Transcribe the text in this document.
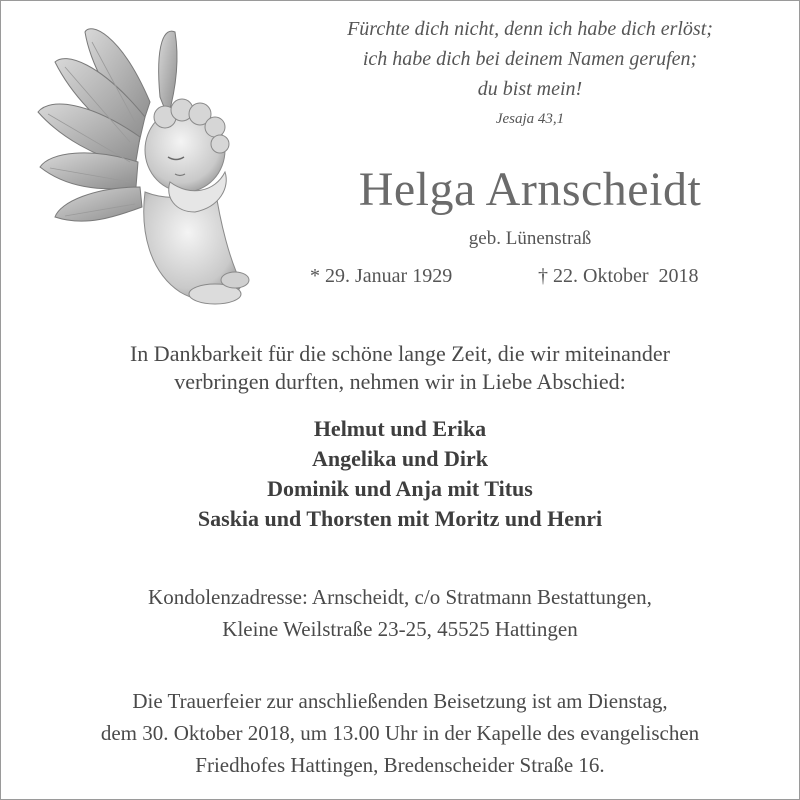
Fürchte dich nicht, denn ich habe dich erlöst;
ich habe dich bei deinem Namen gerufen;
du bist mein!
Jesaja 43,1
Helga Arnscheidt
geb. Lünenstraß
* 29. Januar 1929	† 22. Oktober  2018
In Dankbarkeit für die schöne lange Zeit, die wir miteinander
verbringen durften, nehmen wir in Liebe Abschied:
Helmut und Erika
Angelika und Dirk
Dominik und Anja mit Titus
Saskia und Thorsten mit Moritz und Henri
Kondolenzadresse: Arnscheidt, c/o Stratmann Bestattungen,
Kleine Weilstraße 23-25, 45525 Hattingen
Die Trauerfeier zur anschließenden Beisetzung ist am Dienstag,
dem 30. Oktober 2018, um 13.00 Uhr in der Kapelle des evangelischen
Friedhofes Hattingen, Bredenscheider Straße 16.
